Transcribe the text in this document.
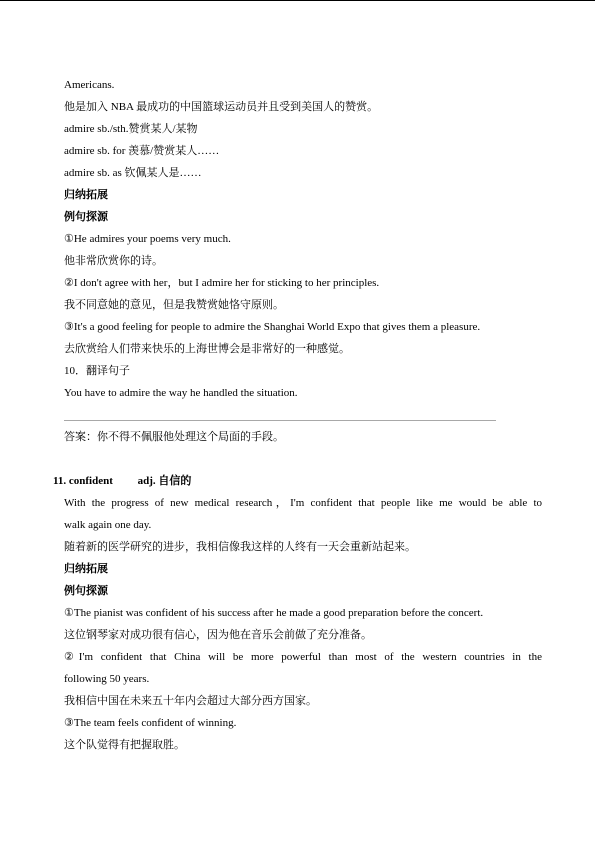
Americans.
他是加入 NBA 最成功的中国篮球运动员并且受到美国人的赞赏。
admire sb./sth.赞赏某人/某物
admire sb. for 羡慕/赞赏某人……
admire sb. as 钦佩某人是……
归纳拓展
例句探源
①He admires your poems very much.
他非常欣赏你的诗。
②I don't agree with her，but I admire her for sticking to her principles.
我不同意她的意见，但是我赞赏她恪守原则。
③It's a good feeling for people to admire the Shanghai World Expo that gives them a pleasure.
去欣赏给人们带来快乐的上海世博会是非常好的一种感觉。
10．翻译句子
You have to admire the way he handled the situation.
答案：你不得不佩服他处理这个局面的手段。
11. confident adj. 自信的
With the progress of new medical research，I'm confident that people like me would be able to
walk again one day.
随着新的医学研究的进步，我相信像我这样的人终有一天会重新站起来。
归纳拓展
例句探源
①The pianist was confident of his success after he made a good preparation before the concert.
这位钢琴家对成功很有信心，因为他在音乐会前做了充分准备。
②I'm confident that China will be more powerful than most of the western countries in the
following 50 years.
我相信中国在未来五十年内会超过大部分西方国家。
③The team feels confident of winning.
这个队觉得有把握取胜。
